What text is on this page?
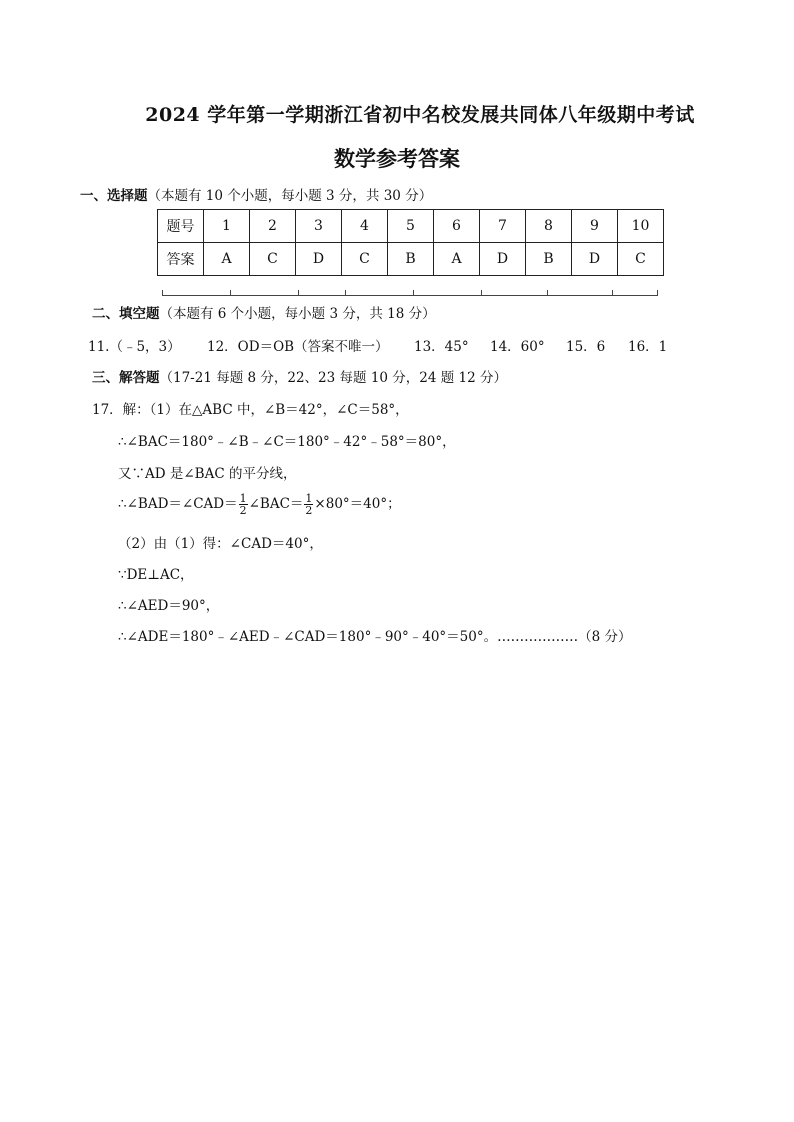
2024 学年第一学期浙江省初中名校发展共同体八年级期中考试
数学参考答案
一、选择题（本题有 10 个小题，每小题 3 分，共 30 分）
题号	1	2	3	4	5	6	7	8	9	10
答案	A	C	D	C	B	A	D	B	D	C
二、填空题（本题有 6 个小题，每小题 3 分，共 18 分）
11.（﹣5，3） 12．OD＝OB（答案不唯一） 13．45° 14．60° 15．6 16．1
三、解答题（17-21 每题 8 分，22、23 每题 10 分，24 题 12 分）
17．解：（1）在△ABC 中，∠B＝42°，∠C＝58°，
∴∠BAC＝180°﹣∠B﹣∠C＝180°﹣42°﹣58°＝80°，
又∵AD 是∠BAC 的平分线，
∴∠BAD＝∠CAD＝ $\frac{1}{2}$ ∠BAC＝ $\frac{1}{2} \times 80^\circ=40^\circ$；
（2）由（1）得：∠CAD＝40°，
∵DE⊥AC，
∴∠AED＝90°，
∴∠ADE＝180°﹣∠AED﹣∠CAD＝180°﹣90°﹣40°＝50°。………………（8 分）
